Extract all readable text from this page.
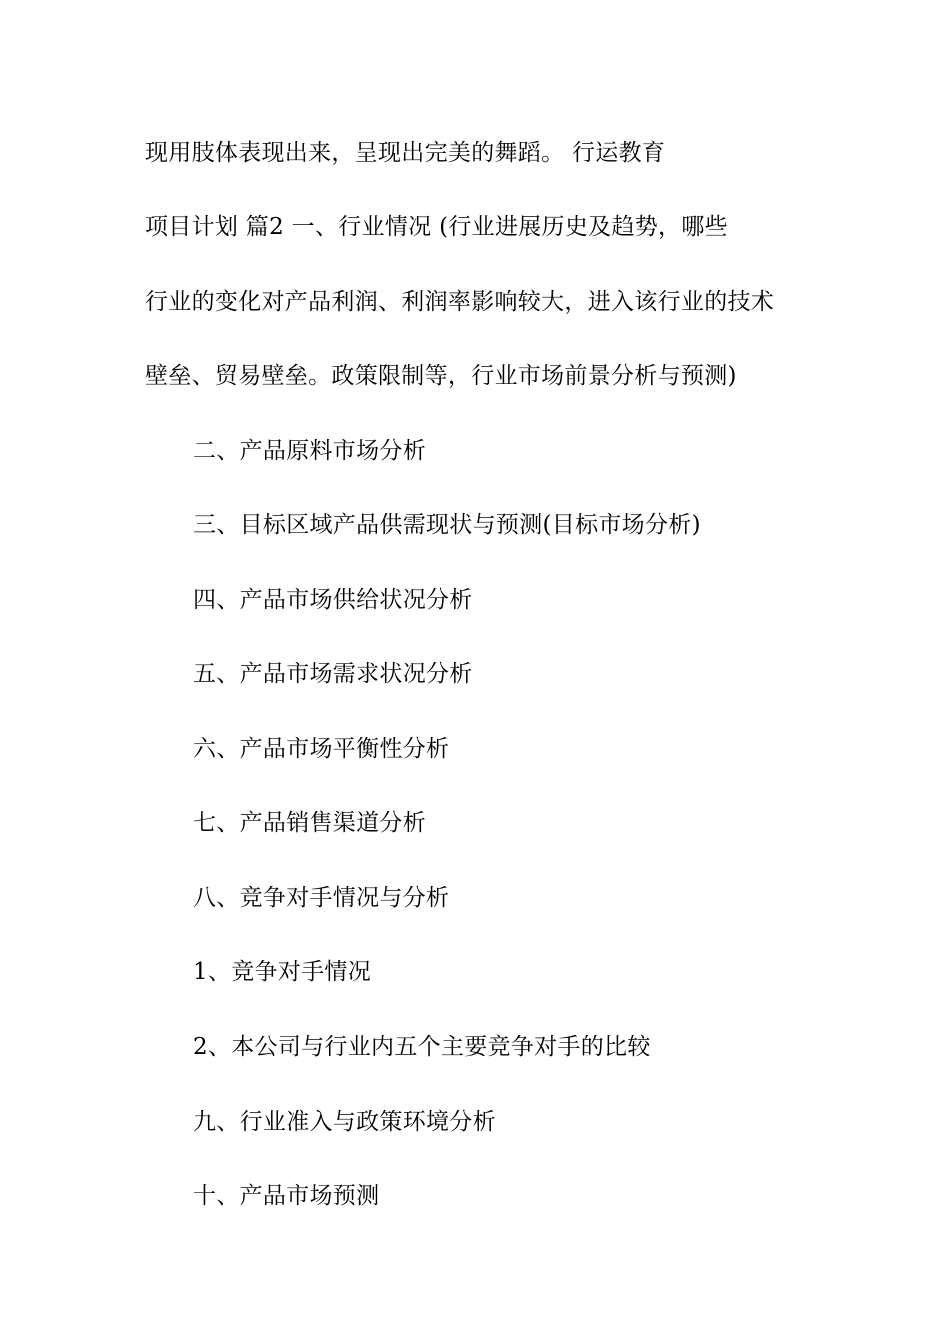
现用肢体表现出来，呈现出完美的舞蹈。 行运教育
项目计划 篇2 一、行业情况 (行业进展历史及趋势，哪些
行业的变化对产品利润、利润率影响较大，进入该行业的技术
壁垒、贸易壁垒。政策限制等，行业市场前景分析与预测)
二、产品原料市场分析
三、目标区域产品供需现状与预测(目标市场分析)
四、产品市场供给状况分析
五、产品市场需求状况分析
六、产品市场平衡性分析
七、产品销售渠道分析
八、竞争对手情况与分析
1、竞争对手情况
2、本公司与行业内五个主要竞争对手的比较
九、行业准入与政策环境分析
十、产品市场预测
